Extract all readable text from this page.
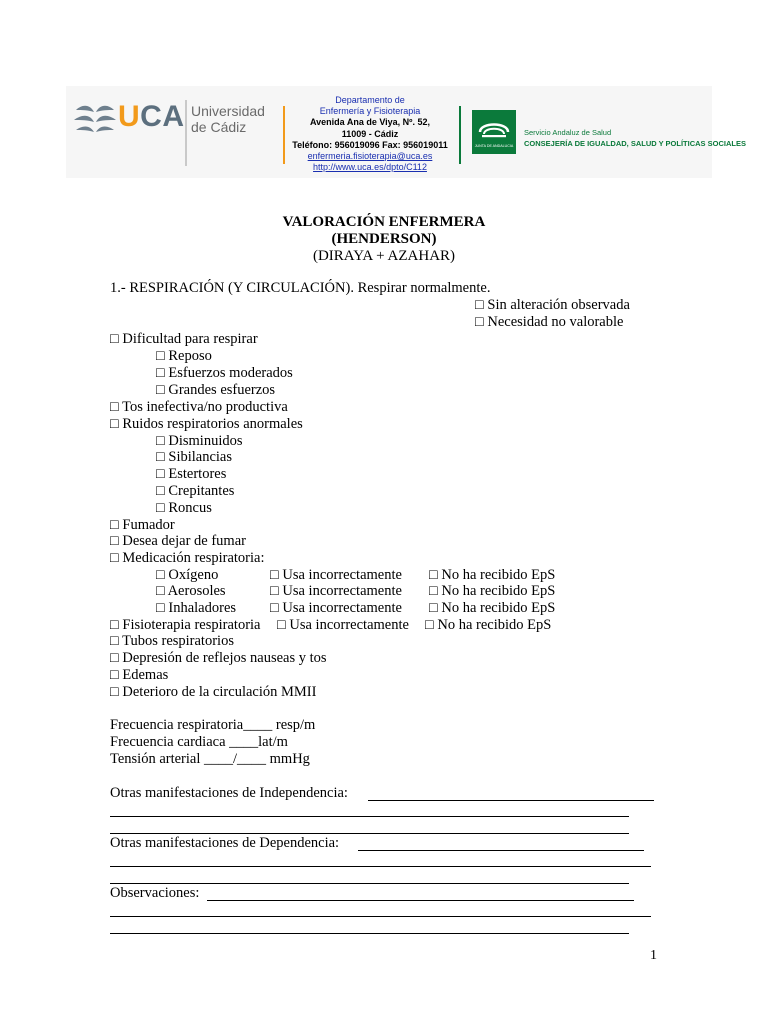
UCA Universidad
de Cádiz
Departamento de
Enfermería y Fisioterapia
Avenida Ana de Viya, Nº. 52,
11009 - Cádiz
Teléfono: 956019096 Fax: 956019011
enfermeria.fisioterapia@uca.es
http://www.uca.es/dpto/C112
JUNTA DE ANDALUCIA
Servicio Andaluz de Salud
CONSEJERÍA DE IGUALDAD, SALUD Y POLÍTICAS SOCIALES
VALORACIÓN ENFERMERA
(HENDERSON)
(DIRAYA + AZAHAR)
1.- RESPIRACIÓN (Y CIRCULACIÓN). Respirar normalmente.
□ Sin alteración observada
□ Necesidad no valorable
□ Dificultad para respirar
□ Reposo
□ Esfuerzos moderados
□ Grandes esfuerzos
□ Tos inefectiva/no productiva
□ Ruidos respiratorios anormales
□ Disminuidos
□ Sibilancias
□ Estertores
□ Crepitantes
□ Roncus
□ Fumador
□ Desea dejar de fumar
□ Medicación respiratoria:
□ Oxígeno	□ Usa incorrectamente □ No ha recibido EpS
□ Aerosoles	□ Usa incorrectamente □ No ha recibido EpS
□ Inhaladores □ Usa incorrectamente □ No ha recibido EpS
□ Fisioterapia respiratoria □ Usa incorrectamente □ No ha recibido EpS
□ Tubos respiratorios
□ Depresión de reflejos nauseas y tos
□ Edemas
□ Deterioro de la circulación MMII
Frecuencia respiratoria____ resp/m
Frecuencia cardiaca ____lat/m
Tensión arterial ____/____ mmHg
Otras manifestaciones de Independencia:
Otras manifestaciones de Dependencia:
Observaciones:
1
